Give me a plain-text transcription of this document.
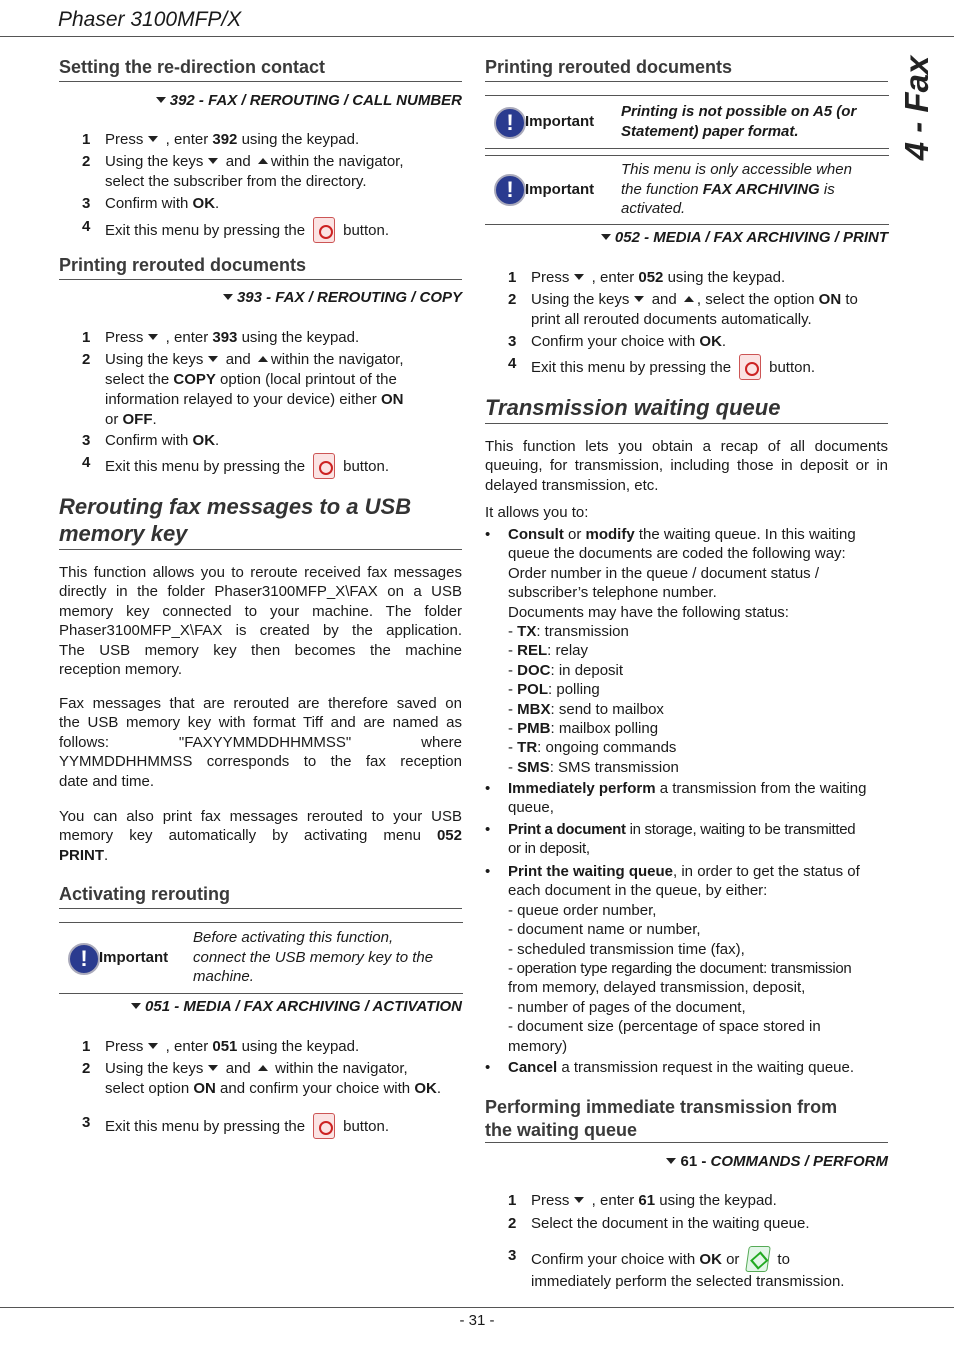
Phaser 3100MFP/X
4 - Fax
Setting the re-direction contact
392 - FAX / REROUTING / CALL NUMBER
1 Press  , enter 392 using the keypad.
2 Using the keys  and within the navigator,
select the subscriber from the directory.
3 Confirm with OK.
4 Exit this menu by pressing the	button.
Printing rerouted documents
393 - FAX / REROUTING / COPY
1 Press  , enter 393 using the keypad.
2 Using the keys  and within the navigator,
select the COPY option (local printout of the
information relayed to your device) either ON
or OFF.
3 Confirm with OK.
4 Exit this menu by pressing the	button.
Rerouting fax messages to a USB
memory key
This function allows you to reroute received fax messages
directly in the folder Phaser3100MFP_X\FAX on a USB
memory key connected to your machine. The folder
Phaser3100MFP_X\FAX is created by the application.
The USB memory key then becomes the machine
reception memory.
Fax messages that are rerouted are therefore saved on
the USB memory key with format Tiff and are named as
follows:              "FAXYYMMDDHHMMSS"              where
YYMMDDHHMMSS corresponds to the fax reception
date and time.
You can also print fax messages rerouted to your USB
memory key automatically by activating menu 052
PRINT.
Activating rerouting
! Important
Before activating this function,
connect the USB memory key to the
machine.
051 - MEDIA / FAX ARCHIVING / ACTIVATION
1 Press  , enter 051 using the keypad.
2 Using the keys  and  within the navigator,
select option ON and confirm your choice with OK.
3 Exit this menu by pressing the	button.
Printing rerouted documents
! Important
Printing is not possible on A5 (or
Statement) paper format.
! Important
This menu is only accessible when
the function FAX ARCHIVING is
activated.
052 - MEDIA / FAX ARCHIVING / PRINT
1 Press  , enter 052 using the keypad.
2 Using the keys  and , select the option ON to
print all rerouted documents automatically.
3 Confirm your choice with OK.
4 Exit this menu by pressing the	button.
Transmission waiting queue
This function lets you obtain a recap of all documents
queuing, for transmission, including those in deposit or in
delayed transmission, etc.
It allows you to:
• Consult or modify the waiting queue. In this waiting
queue the documents are coded the following way:
Order number in the queue / document status /
subscriber’s telephone number.
Documents may have the following status:
- TX: transmission
- REL: relay
- DOC: in deposit
- POL: polling
- MBX: send to mailbox
- PMB: mailbox polling
- TR: ongoing commands
- SMS: SMS transmission
• Immediately perform a transmission from the waiting
queue,
• Print a document in storage, waiting to be transmitted
or in deposit,
• Print the waiting queue, in order to get the status of
each document in the queue, by either:
- queue order number,
- document name or number,
- scheduled transmission time (fax),
- operation type regarding the document: transmission
from memory, delayed transmission, deposit,
- number of pages of the document,
- document size (percentage of space stored in
memory)
• Cancel a transmission request in the waiting queue.
Performing immediate transmission from
the waiting queue
61 - COMMANDS / PERFORM
1 Press  , enter 61 using the keypad.
2 Select the document in the waiting queue.
3 Confirm your choice with OK or	to
immediately perform the selected transmission.
- 31 -
